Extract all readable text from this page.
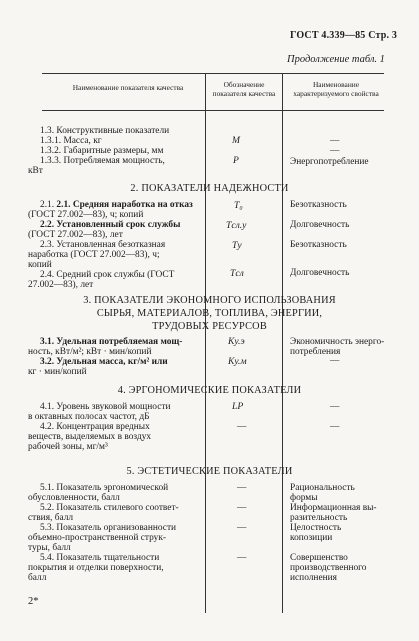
ГОСТ 4.339—85 Стр. 3
Продолжение табл. 1
Наименование показателя качества	Обозначение показателя качества
Наименование характеризуемого свойства
1.3. Конструктивные показатели
1.3.1. Масса, кг
1.3.2. Габаритные размеры, мм
1.3.3. Потребляемая мощность,
кВт
M
P
—
—
Энергопотребление
2. ПОКАЗАТЕЛИ НАДЕЖНОСТИ
2.1. 2.1. Средняя наработка на отказ
(ГОСТ 27.002—83), ч; копий
2.2. Установленный срок службы
(ГОСТ 27.002—83), лет
2.3. Установленная безотказная
наработка (ГОСТ 27.002—83), ч;
копий
2.4. Средний срок службы (ГОСТ
27.002—83), лет
T₀
Tсл.у
Tу
Tсл
Безотказность
Долговечность
Безотказность
Долговечность
3. ПОКАЗАТЕЛИ ЭКОНОМНОГО ИСПОЛЬЗОВАНИЯ
СЫРЬЯ, МАТЕРИАЛОВ, ТОПЛИВА, ЭНЕРГИИ,
ТРУДОВЫХ РЕСУРСОВ
3.1. Удельная потребляемая мощ-
ность, кВт/м²; кВт · мин/копий
3.2. Удельная масса, кг/м² или
кг · мин/копий
Kу.э
Kу.м
Экономичность энерго-
потребления
—
4. ЭРГОНОМИЧЕСКИЕ ПОКАЗАТЕЛИ
4.1. Уровень звуковой мощности
в октавных полосах частот, дБ
4.2. Концентрация вредных
веществ, выделяемых в воздух
рабочей зоны, мг/м³
LP
—
—
—
5. ЭСТЕТИЧЕСКИЕ ПОКАЗАТЕЛИ
5.1. Показатель эргономической
обусловленности, балл
5.2. Показатель стилевого соответ-
ствия, балл
5.3. Показатель организованности
объемно-пространственной струк-
туры, балл
5.4. Показатель тщательности
покрытия и отделки поверхности,
балл
—
—
—
—
Рациональность
формы
Информационная вы-
разительность
Целостность
копозиции
Совершенство
производственного
исполнения
2*
